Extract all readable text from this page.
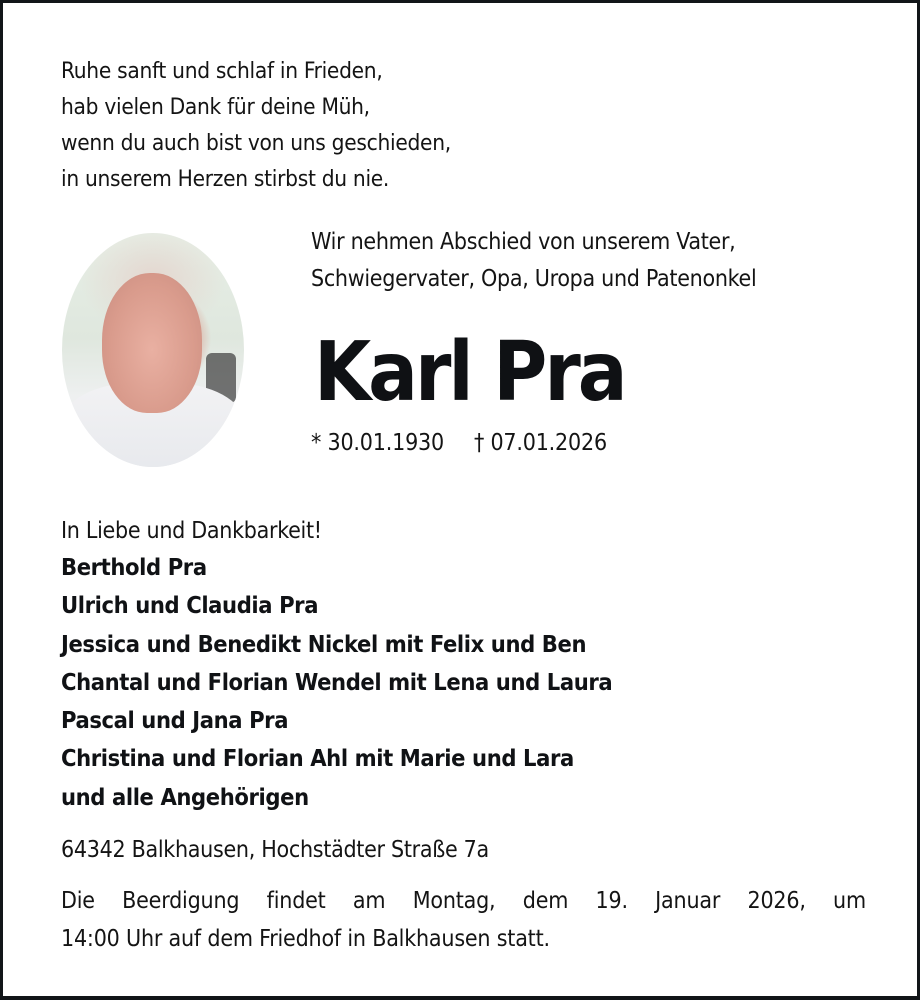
Ruhe sanft und schlaf in Frieden,
hab vielen Dank für deine Müh,
wenn du auch bist von uns geschieden,
in unserem Herzen stirbst du nie.
Wir nehmen Abschied von unserem Vater,
Schwiegervater, Opa, Uropa und Patenonkel
Karl Pra
* 30.01.1930 † 07.01.2026
In Liebe und Dankbarkeit!
Berthold Pra
Ulrich und Claudia Pra
Jessica und Benedikt Nickel mit Felix und Ben
Chantal und Florian Wendel mit Lena und Laura
Pascal und Jana Pra
Christina und Florian Ahl mit Marie und Lara
und alle Angehörigen
64342 Balkhausen, Hochstädter Straße 7a
Die Beerdigung findet am Montag, dem 19. Januar 2026, um
14:00 Uhr auf dem Friedhof in Balkhausen statt.
